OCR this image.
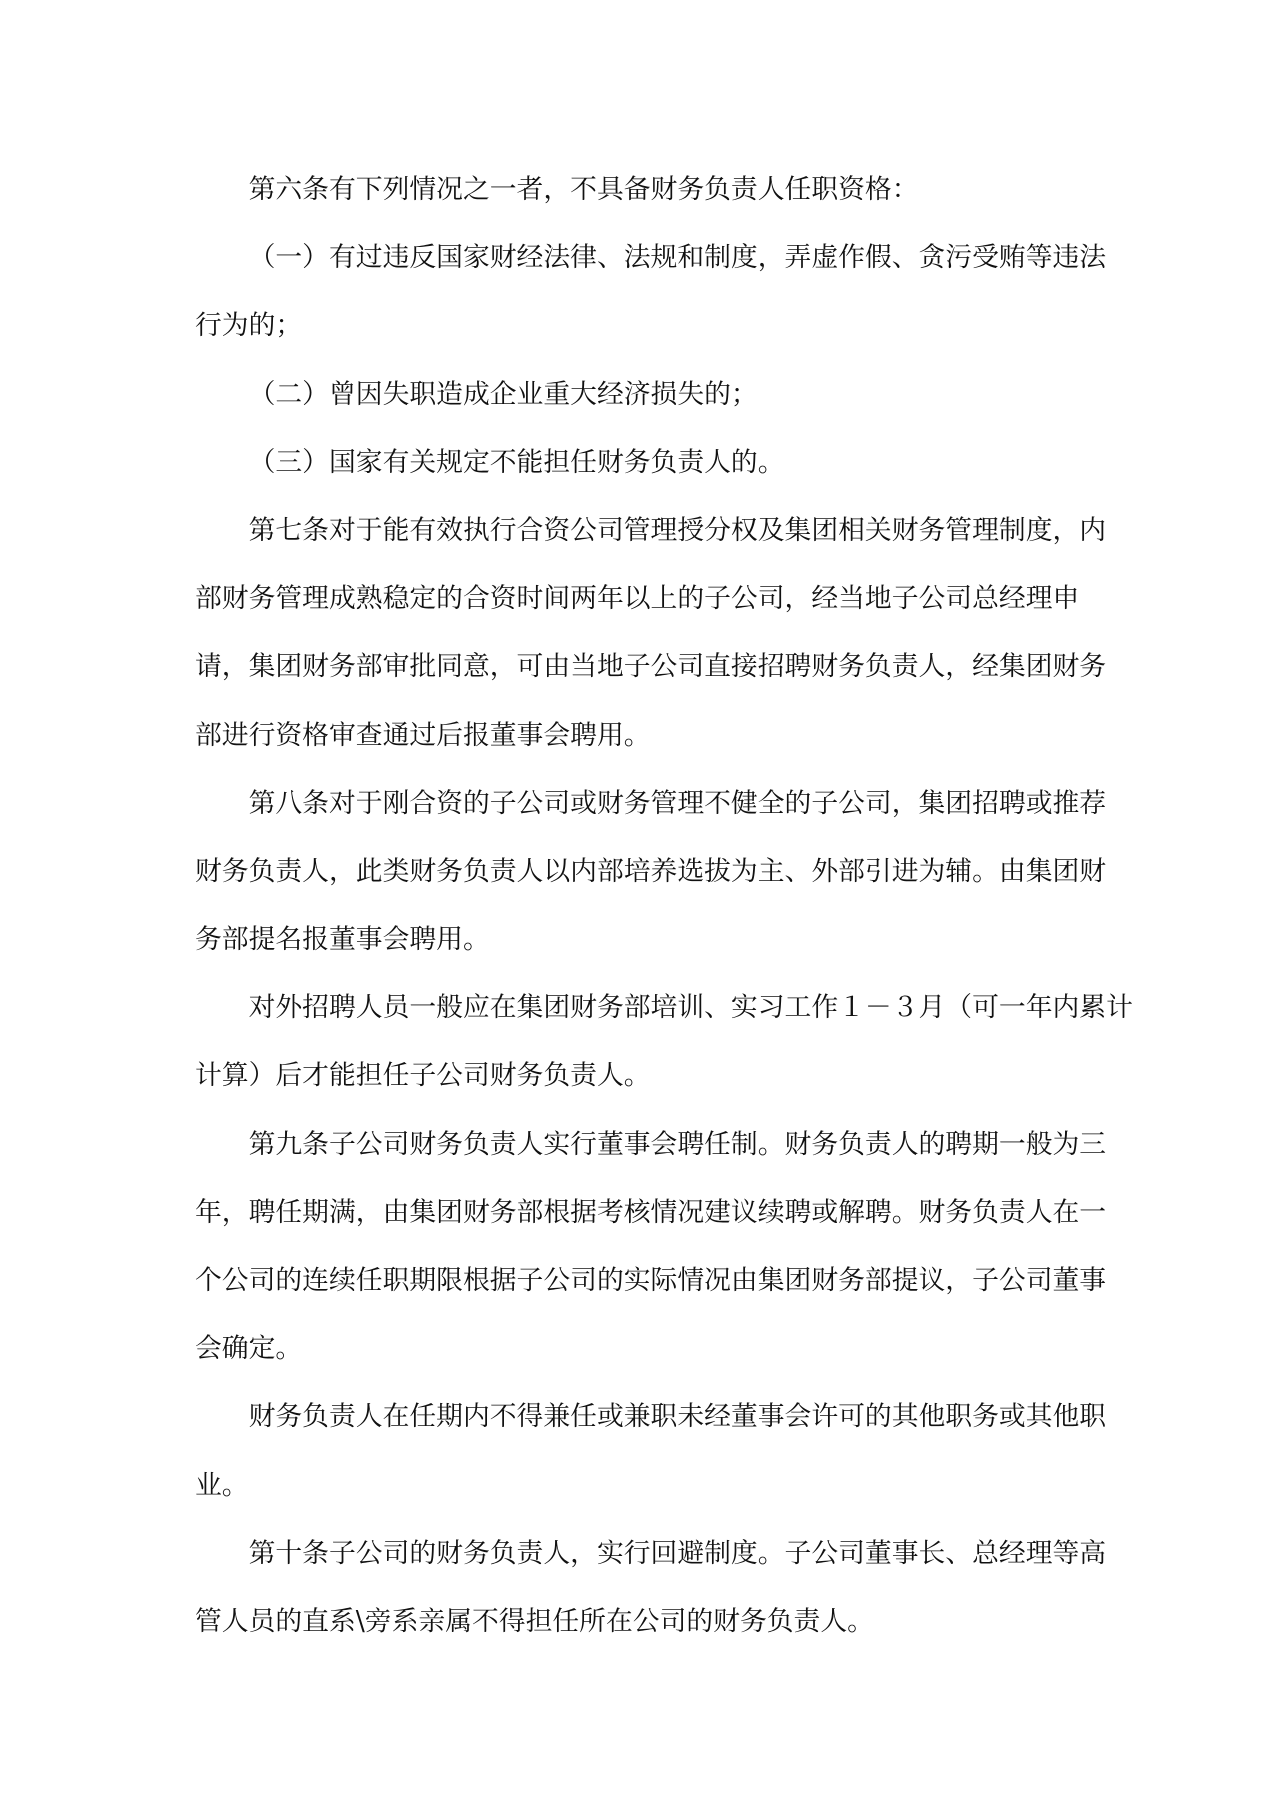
第六条有下列情况之一者，不具备财务负责人任职资格：
（一）有过违反国家财经法律、法规和制度，弄虚作假、贪污受贿等违法
行为的；
（二）曾因失职造成企业重大经济损失的；
（三）国家有关规定不能担任财务负责人的。
第七条对于能有效执行合资公司管理授分权及集团相关财务管理制度，内
部财务管理成熟稳定的合资时间两年以上的子公司，经当地子公司总经理申
请，集团财务部审批同意，可由当地子公司直接招聘财务负责人，经集团财务
部进行资格审查通过后报董事会聘用。
第八条对于刚合资的子公司或财务管理不健全的子公司，集团招聘或推荐
财务负责人，此类财务负责人以内部培养选拔为主、外部引进为辅。由集团财
务部提名报董事会聘用。
对外招聘人员一般应在集团财务部培训、实习工作１－３月（可一年内累计
计算）后才能担任子公司财务负责人。
第九条子公司财务负责人实行董事会聘任制。财务负责人的聘期一般为三
年，聘任期满，由集团财务部根据考核情况建议续聘或解聘。财务负责人在一
个公司的连续任职期限根据子公司的实际情况由集团财务部提议，子公司董事
会确定。
财务负责人在任期内不得兼任或兼职未经董事会许可的其他职务或其他职
业。
第十条子公司的财务负责人，实行回避制度。子公司董事长、总经理等高
管人员的直系\旁系亲属不得担任所在公司的财务负责人。
